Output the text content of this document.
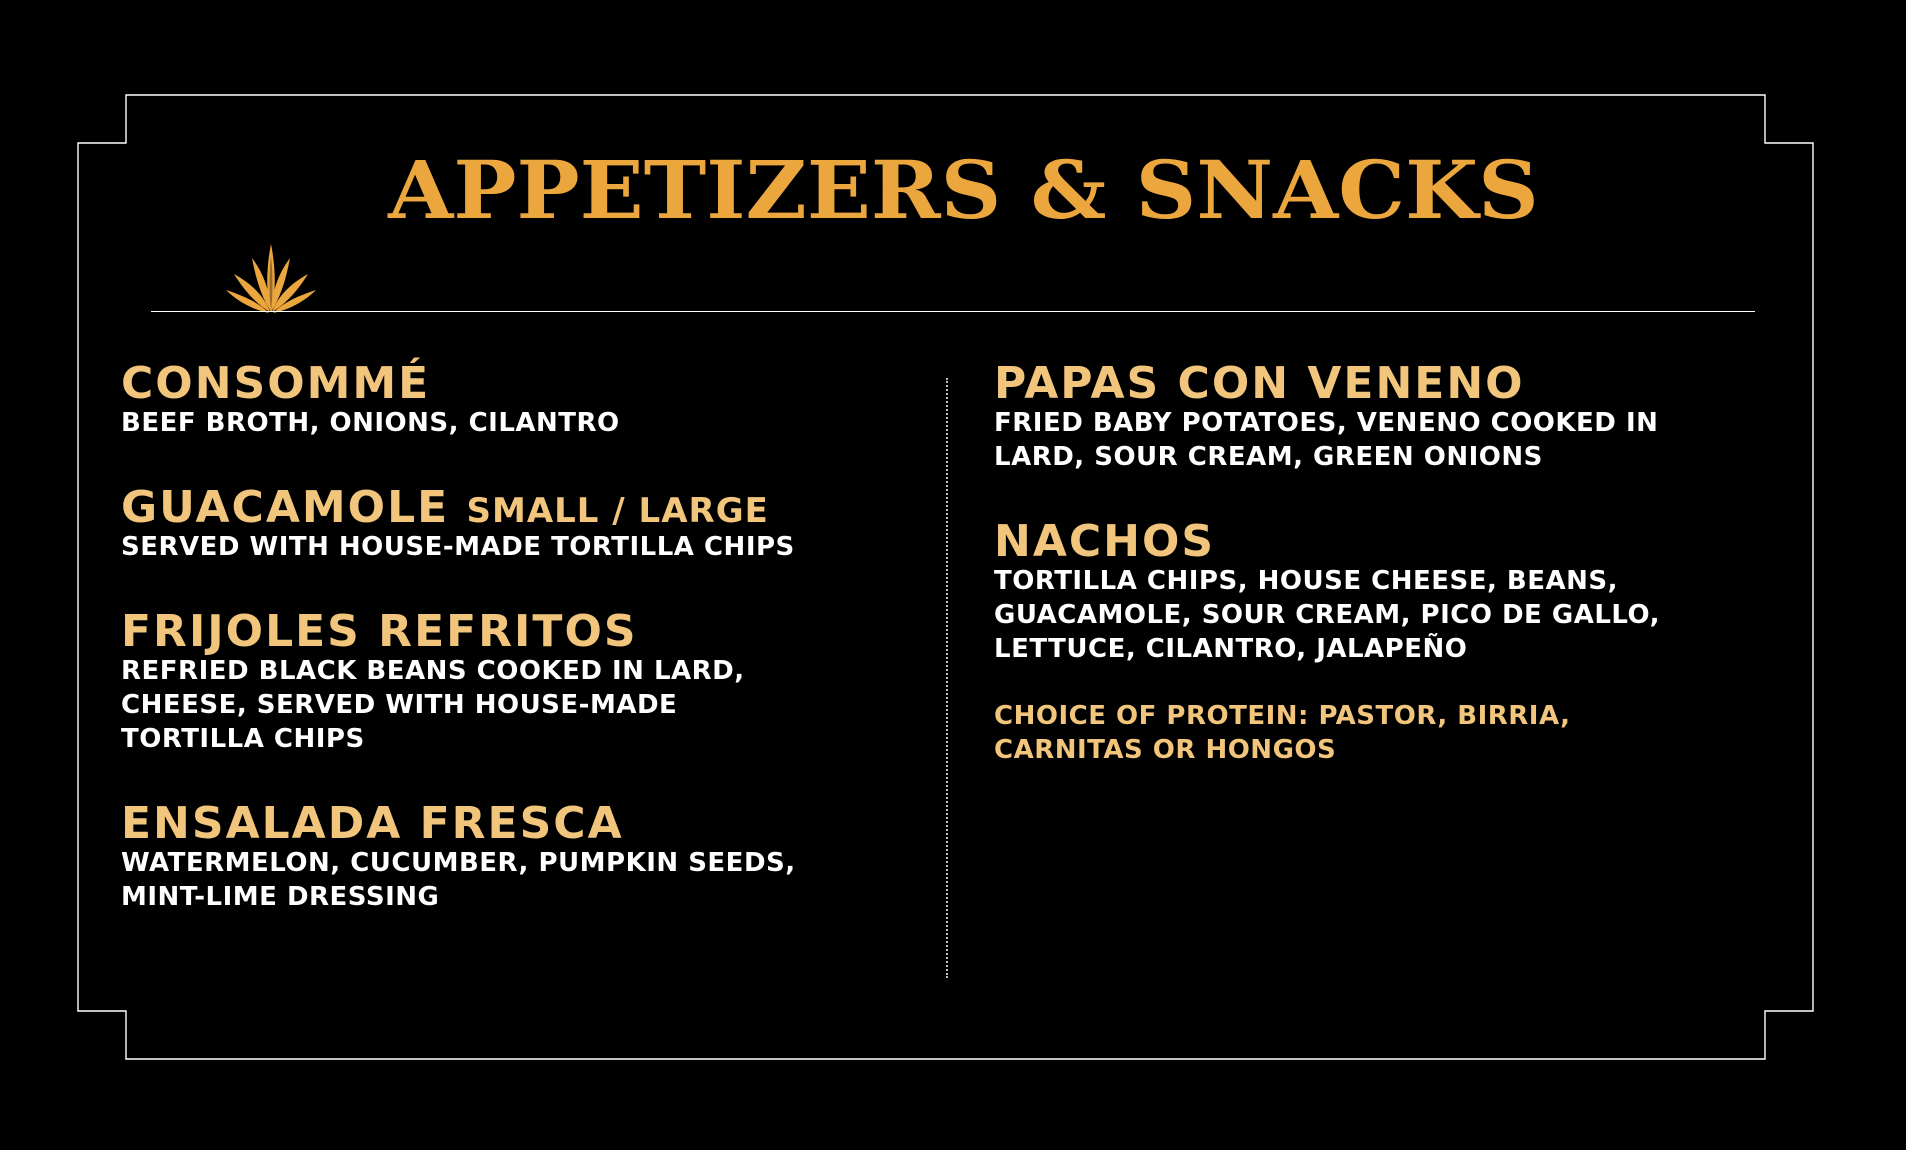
APPETIZERS & SNACKS

CONSOMMÉ

BEEF BROTH, ONIONS, CILANTRO

GUACAMOLE SMALL / LARGE

SERVED WITH HOUSE-MADE TORTILLA CHIPS

FRIJOLES REFRITOS

REFRIED BLACK BEANS COOKED IN LARD,
CHEESE, SERVED WITH HOUSE-MADE
TORTILLA CHIPS

ENSALADA FRESCA

WATERMELON, CUCUMBER, PUMPKIN SEEDS,
MINT-LIME DRESSING

PAPAS CON VENENO

FRIED BABY POTATOES, VENENO COOKED IN
LARD, SOUR CREAM, GREEN ONIONS

NACHOS

TORTILLA CHIPS, HOUSE CHEESE, BEANS,
GUACAMOLE, SOUR CREAM, PICO DE GALLO,
LETTUCE, CILANTRO, JALAPEÑO

CHOICE OF PROTEIN: PASTOR, BIRRIA,
CARNITAS OR HONGOS
